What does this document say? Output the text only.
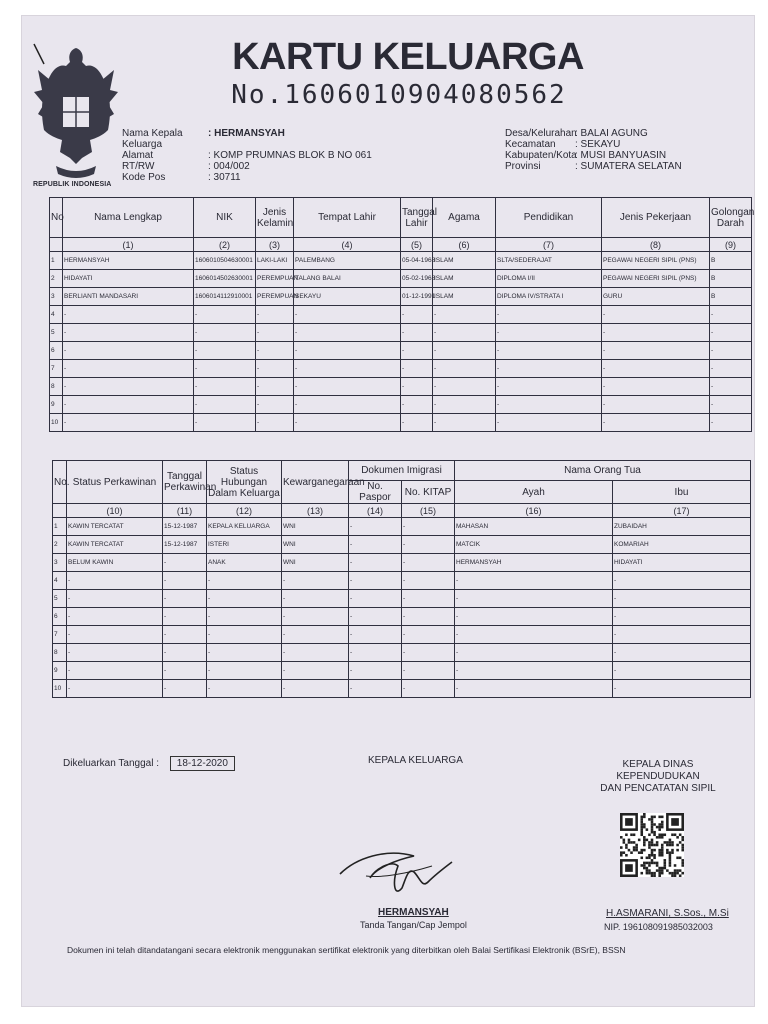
REPUBLIK INDONESIA
KARTU KELUARGA
No.1606010904080562
Nama Kepala Keluarga
: HERMANSYAH
Alamat	: KOMP PRUMNAS BLOK B NO 061
RT/RW	: 004/002
Kode Pos	: 30711
Desa/Kelurahan
: BALAI AGUNG
Kecamatan	: SEKAYU
Kabupaten/Kota
: MUSI BANYUASIN
Provinsi	: SUMATERA SELATAN
No	Nama Lengkap	NIK	Jenis Kelamin	Tempat Lahir	Tanggal Lahir	Agama	Pendidikan	Jenis Pekerjaan	Golongan Darah
	(1)	(2)	(3)	(4)	(5)	(6)	(7)	(8)	(9)
1	HERMANSYAH	1606010504630001	LAKI-LAKI	PALEMBANG	05-04-1963	ISLAM	SLTA/SEDERAJAT	PEGAWAI NEGERI SIPIL (PNS)	B
2	HIDAYATI	1606014502630001	PEREMPUAN	TALANG BALAI	05-02-1963	ISLAM	DIPLOMA I/II	PEGAWAI NEGERI SIPIL (PNS)	B
3	BERLIANTI MANDASARI	1606014112910001	PEREMPUAN	SEKAYU	01-12-1991	ISLAM	DIPLOMA IV/STRATA I	GURU	B
4	-	-	-	-	-	-	-	-	-
5	-	-	-	-	-	-	-	-	-
6	-	-	-	-	-	-	-	-	-
7	-	-	-	-	-	-	-	-	-
8	-	-	-	-	-	-	-	-	-
9	-	-	-	-	-	-	-	-	-
10	-	-	-	-	-	-	-	-	-
No.	Status Perkawinan	Tanggal Perkawinan	Status Hubungan Dalam Keluarga	Kewarganegaraan	Dokumen Imigrasi		Nama Orang Tua	
					No. Paspor	No. KITAP	Ayah	Ibu
	(10)	(11)	(12)	(13)	(14)	(15)	(16)	(17)
1	KAWIN TERCATAT	15-12-1987	KEPALA KELUARGA	WNI	-	-	MAHASAN	ZUBAIDAH
2	KAWIN TERCATAT	15-12-1987	ISTERI	WNI	-	-	MATCIK	KOMARIAH
3	BELUM KAWIN	-	ANAK	WNI	-	-	HERMANSYAH	HIDAYATI
4	-	-	-	-	-	-	-	-
5	-	-	-	-	-	-	-	-
6	-	-	-	-	-	-	-	-
7	-	-	-	-	-	-	-	-
8	-	-	-	-	-	-	-	-
9	-	-	-	-	-	-	-	-
10	-	-	-	-	-	-	-	-
Dikeluarkan Tanggal : 18-12-2020	KEPALA KELUARGA	KEPALA DINAS KEPENDUDUKAN
DAN PENCATATAN SIPIL
HERMANSYAH
Tanda Tangan/Cap Jempol
H.ASMARANI, S.Sos., M.Si
NIP. 196108091985032003
Dokumen ini telah ditandatangani secara elektronik menggunakan sertifikat elektronik yang diterbitkan oleh Balai Sertifikasi Elektronik (BSrE), BSSN
